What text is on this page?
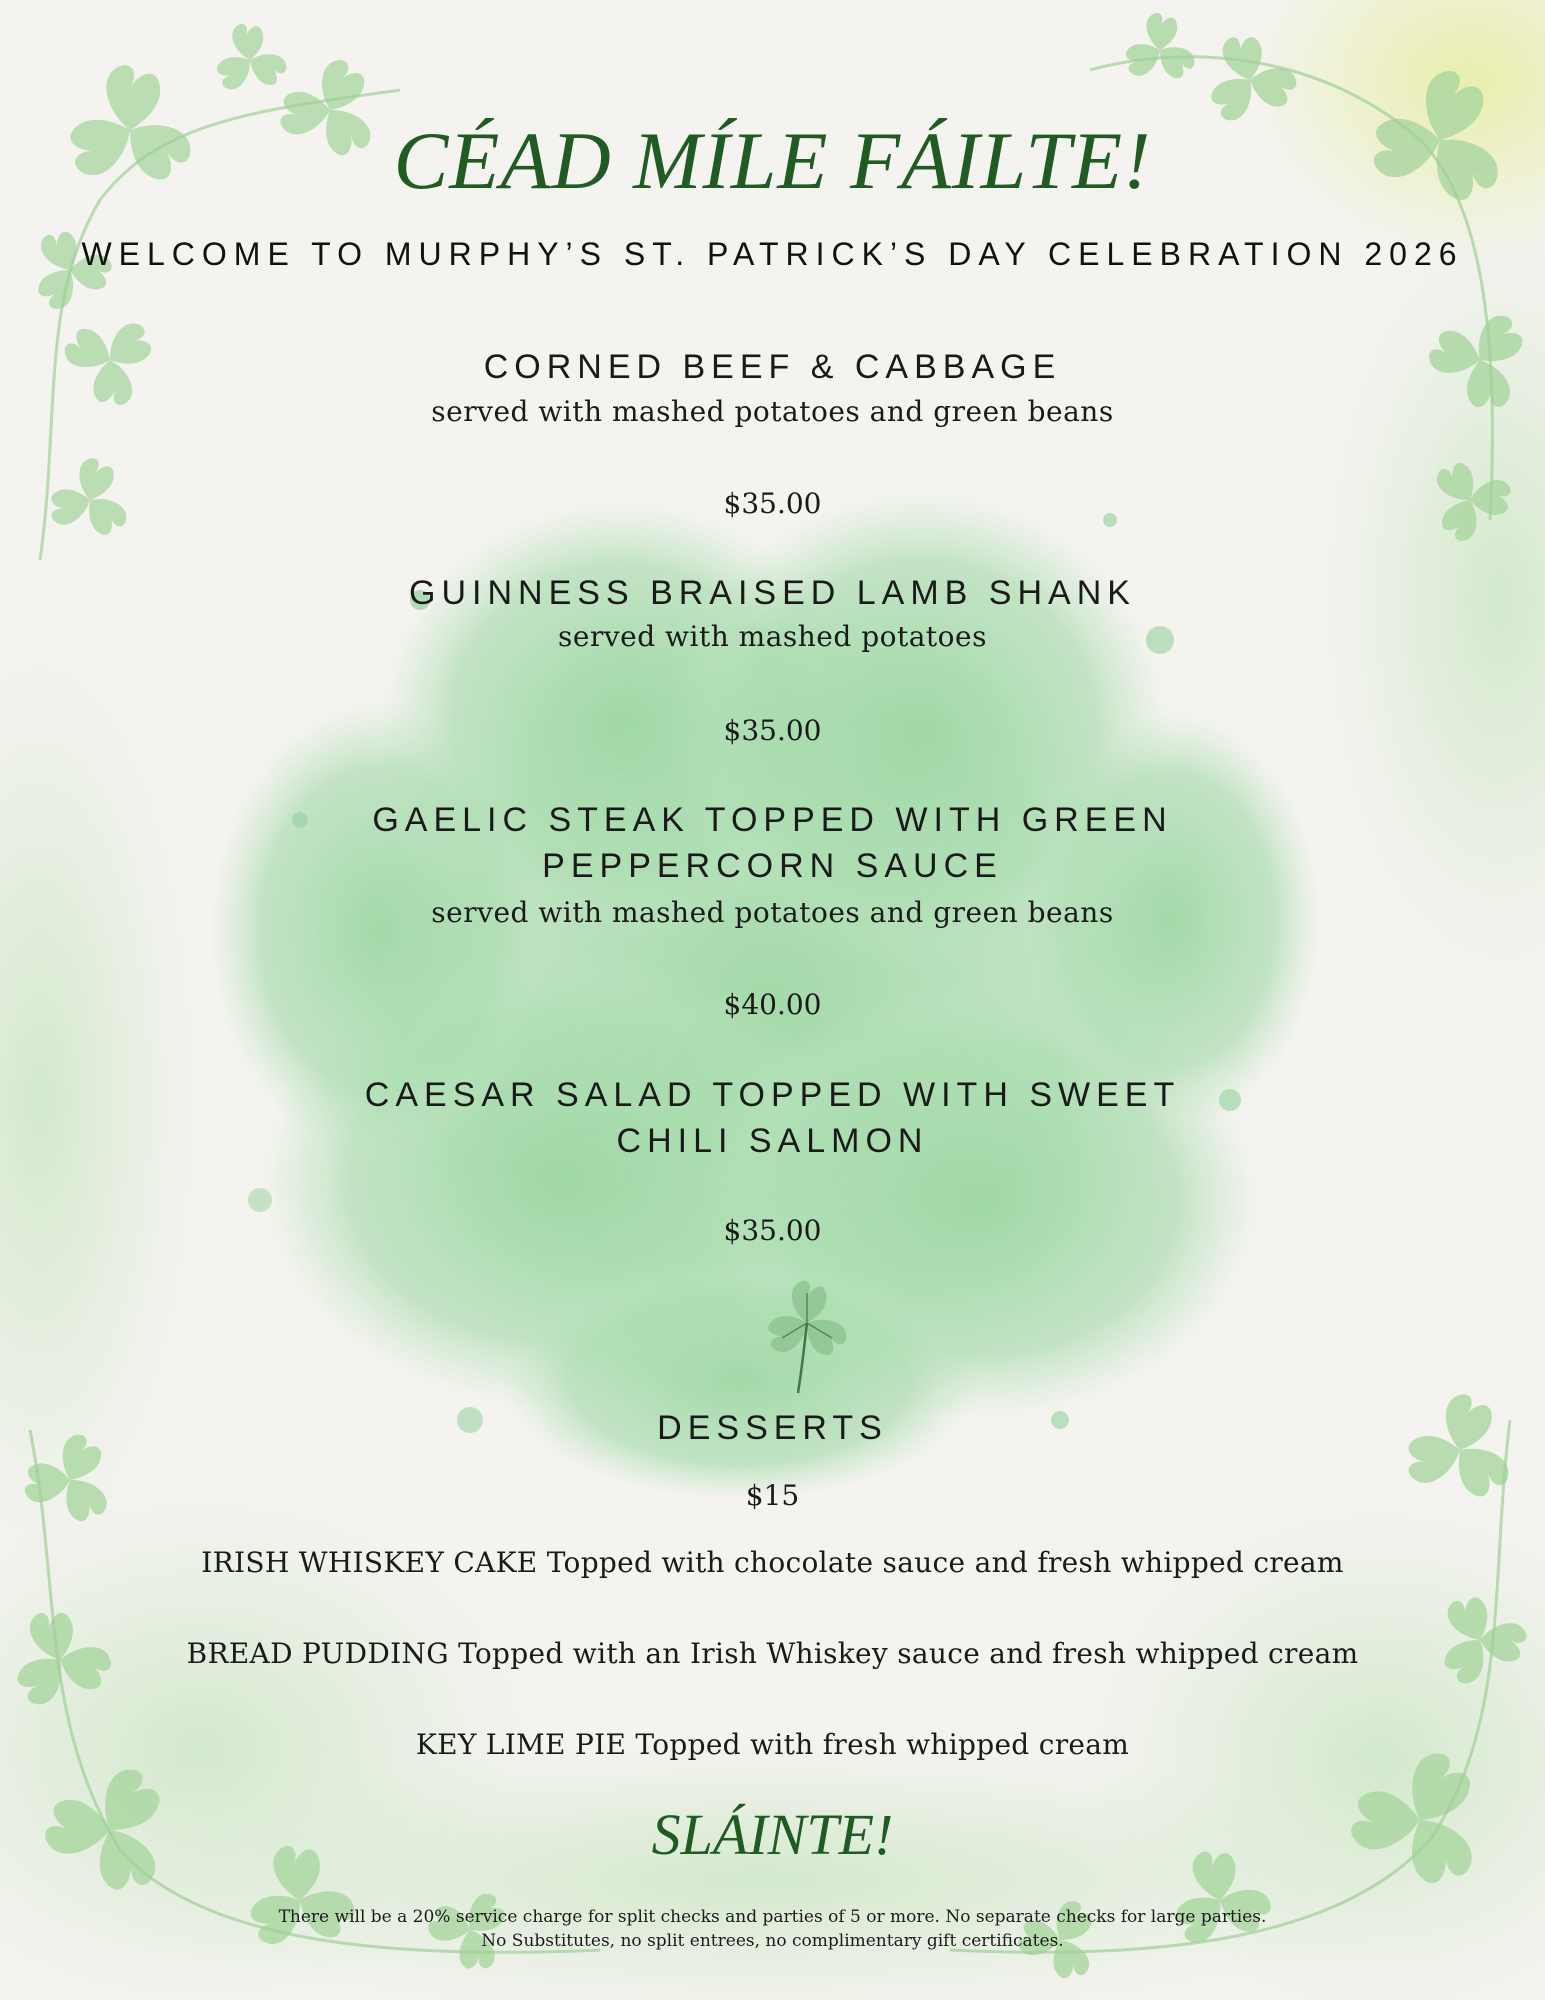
CÉAD MÍLE FÁILTE!
WELCOME TO MURPHY’S ST. PATRICK’S DAY CELEBRATION 2026
CORNED BEEF & CABBAGE
served with mashed potatoes and green beans
$35.00
GUINNESS BRAISED LAMB SHANK
served with mashed potatoes
$35.00
GAELIC STEAK TOPPED WITH GREEN
PEPPERCORN SAUCE
served with mashed potatoes and green beans
$40.00
CAESAR SALAD TOPPED WITH SWEET
CHILI SALMON
$35.00
DESSERTS
$15
IRISH WHISKEY CAKE Topped with chocolate sauce and fresh whipped cream
BREAD PUDDING Topped with an Irish Whiskey sauce and fresh whipped cream
KEY LIME PIE Topped with fresh whipped cream
SLÁINTE!
There will be a 20% service charge for split checks and parties of 5 or more. No separate checks for large parties.
No Substitutes, no split entrees, no complimentary gift certificates.
